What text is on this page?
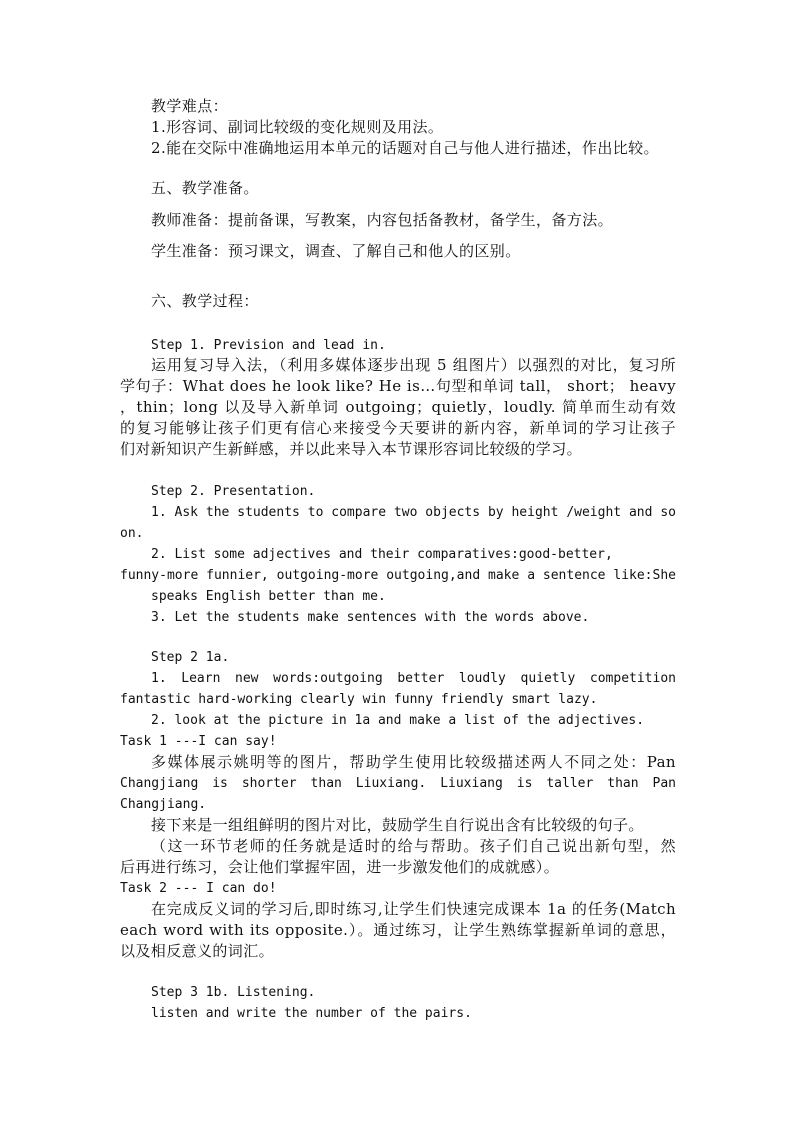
教学难点：
1.形容词、副词比较级的变化规则及用法。
2.能在交际中准确地运用本单元的话题对自己与他人进行描述，作出比较。
五、教学准备。
教师准备：提前备课，写教案，内容包括备教材，备学生，备方法。
学生准备：预习课文，调查、了解自己和他人的区别。
六、教学过程：
Step 1. Prevision and lead in.
运用复习导入法，（利用多媒体逐步出现 5 组图片）以强烈的对比，复习所
学句子：What does he look like? He is…句型和单词 tall， short； heavy
，thin；long 以及导入新单词 outgoing；quietly，loudly. 简单而生动有效
的复习能够让孩子们更有信心来接受今天要讲的新内容，新单词的学习让孩子
们对新知识产生新鲜感，并以此来导入本节课形容词比较级的学习。
Step 2. Presentation.
1. Ask the students to compare two objects by height /weight and so
on.
2. List some adjectives and their comparatives:good-better,
funny-more funnier, outgoing-more outgoing,and make a sentence like:She
speaks English better than me.
3. Let the students make sentences with the words above.
Step 2 1a.
1. Learn new words:outgoing better loudly quietly competition
fantastic hard-working clearly win funny friendly smart lazy.
2. look at the picture in 1a and make a list of the adjectives.
Task 1 ---I can say!
多媒体展示姚明等的图片，帮助学生使用比较级描述两人不同之处：Pan
Changjiang is shorter than Liuxiang. Liuxiang is taller than Pan
Changjiang.
接下来是一组组鲜明的图片对比，鼓励学生自行说出含有比较级的句子。
（这一环节老师的任务就是适时的给与帮助。孩子们自己说出新句型，然
后再进行练习，会让他们掌握牢固，进一步激发他们的成就感）。
Task 2 --- I can do!
在完成反义词的学习后,即时练习,让学生们快速完成课本 1a 的任务(Match
each word with its opposite.）。通过练习，让学生熟练掌握新单词的意思，
以及相反意义的词汇。
Step 3 1b. Listening.
listen and write the number of the pairs.
